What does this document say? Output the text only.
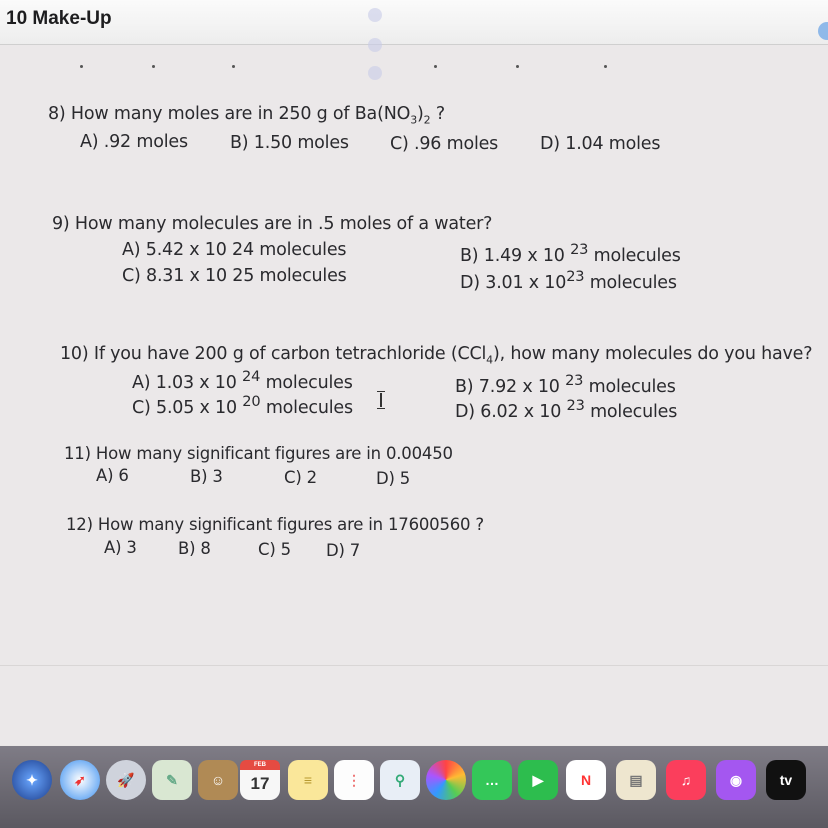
10 Make-Up
8) How many moles are in 250 g of $Ba(NO_3)_2$ ?
A) .92 moles B) 1.50 moles C) .96 moles D) 1.04 moles
9) How many molecules are in .5 moles of a water?
A) 5.42 x 10 24 molecules	B) 1.49 x 10 $^{23}$ molecules
C) 8.31 x 10 25 molecules	D) 3.01 x $10^{23}$ molecules
10) If you have 200 g of carbon tetrachloride (CCl$_4$), how many molecules do you have?
A) 1.03 x 10 $^{24}$ molecules	B) 7.92 x 10 $^{23}$ molecules
C) 5.05 x 10 $^{20}$ molecules	D) 6.02 x 10 $^{23}$ molecules
11) How many significant figures are in 0.00450
A) 6	B) 3	C) 2	D) 5
12) How many significant figures are in 17600560 ?
A) 3	B) 8	C) 5 D) 7
✦	➶ 🚀 ✎ ☺
FEB
17 ≡ ⋮ ⚲	…	▶	N	▤	♫	◉	tv
